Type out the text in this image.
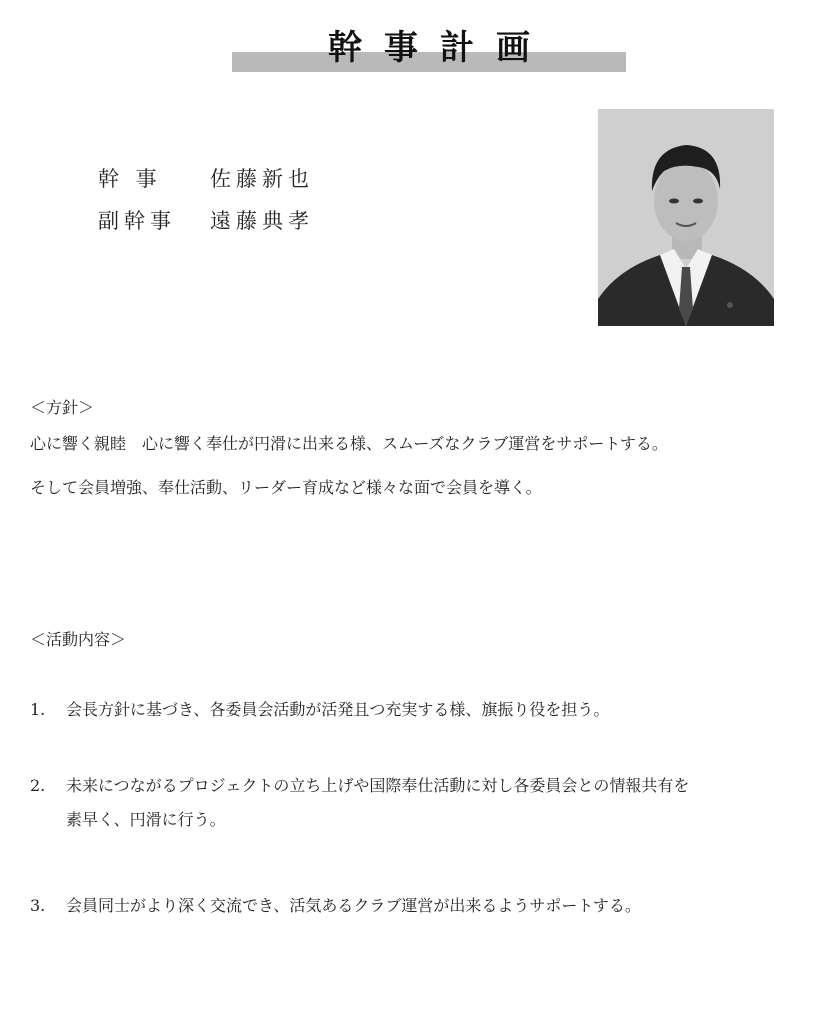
幹事計画
幹 事 佐藤新也
副幹事 遠藤典孝
＜方針＞
心に響く親睦　心に響く奉仕が円滑に出来る様、スムーズなクラブ運営をサポートする。
そして会員増強、奉仕活動、リーダー育成など様々な面で会員を導く。
＜活動内容＞
1. 会長方針に基づき、各委員会活動が活発且つ充実する様、旗振り役を担う。
2. 未来につながるプロジェクトの立ち上げや国際奉仕活動に対し各委員会との情報共有を
素早く、円滑に行う。
3. 会員同士がより深く交流でき、活気あるクラブ運営が出来るようサポートする。
